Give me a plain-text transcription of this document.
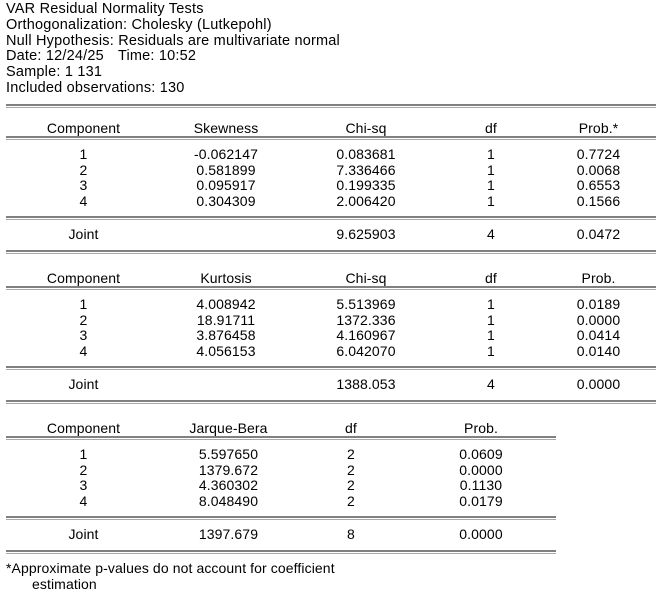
VAR Residual Normality Tests
Orthogonalization: Cholesky (Lutkepohl)
Null Hypothesis: Residuals are multivariate normal
Date: 12/24/25 Time: 10:52
Sample: 1 131
Included observations: 130
Component	Skewness	Chi-sq	df	Prob.*
1	-0.062147	0.083681	1	0.7724
2	0.581899	7.336466	1	0.0068
3	0.095917	0.199335	1	0.6553
4	0.304309	2.006420	1	0.1566
Joint		9.625903	4	0.0472
Component	Kurtosis	Chi-sq	df	Prob.
1	4.008942	5.513969	1	0.0189
2	18.91711	1372.336	1	0.0000
3	3.876458	4.160967	1	0.0414
4	4.056153	6.042070	1	0.0140
Joint		1388.053	4	0.0000
Component	Jarque-Bera	df	Prob.
1	5.597650	2	0.0609
2	1379.672	2	0.0000
3	4.360302	2	0.1130
4	8.048490	2	0.0179
Joint	1397.679	8	0.0000
*Approximate p-values do not account for coefficient
estimation
